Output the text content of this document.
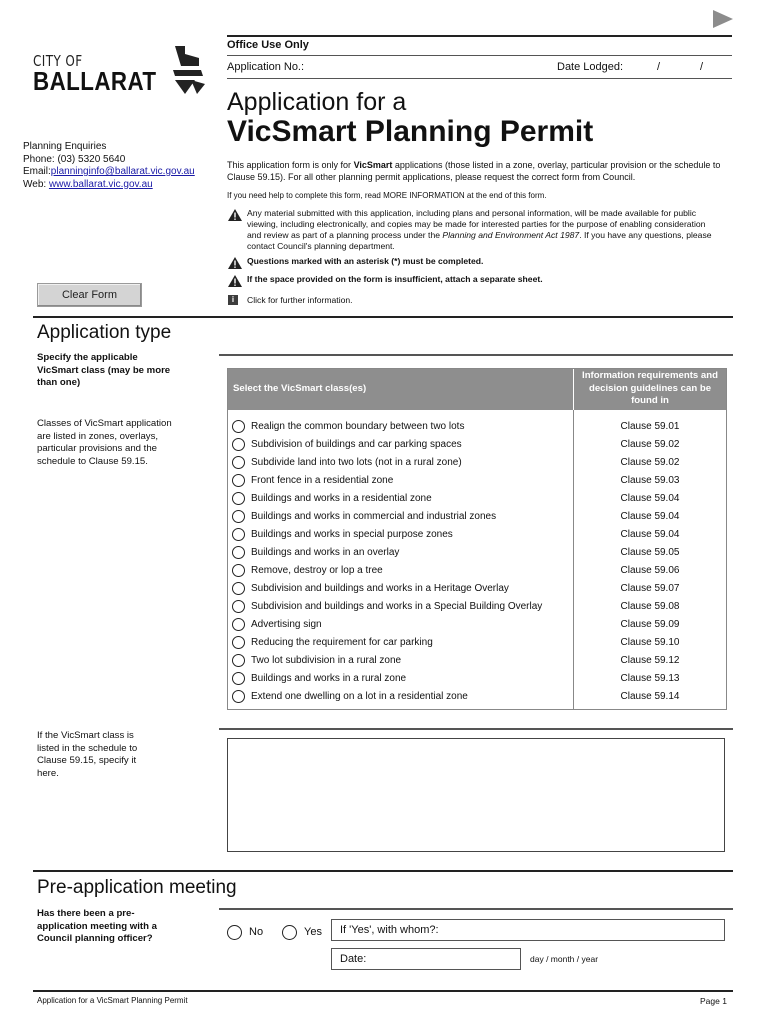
CITY OF
BALLARAT
Office Use Only
Application No.:	Date Lodged:	/	/
Application for a
VicSmart Planning Permit
This application form is only for VicSmart applications (those listed in a zone, overlay, particular provision or the schedule to Clause 59.15). For all other planning permit applications, please request the correct form from Council.
If you need help to complete this form, read MORE INFORMATION at the end of this form.
Any material submitted with this application, including plans and personal information, will be made available for public viewing, including electronically, and copies may be made for interested parties for the purpose of enabling consideration and review as part of a planning process under the Planning and Environment Act 1987. If you have any questions, please contact Council's planning department.
Questions marked with an asterisk (*) must be completed.
If the space provided on the form is insufficient, attach a separate sheet.
i	Click for further information.
Planning Enquiries
Phone: (03) 5320 5640
Email:planninginfo@ballarat.vic.gov.au
Web: www.ballarat.vic.gov.au
Clear Form
Application type
Specify the applicable VicSmart class (may be more than one)
Classes of VicSmart application are listed in zones, overlays, particular provisions and the schedule to Clause 59.15.
Select the VicSmart class(es)
Information requirements and decision guidelines can be found in
Realign the common boundary between two lots	Clause 59.01
Subdivision of buildings and car parking spaces	Clause 59.02
Subdivide land into two lots (not in a rural zone)	Clause 59.02
Front fence in a residential zone	Clause 59.03
Buildings and works in a residential zone	Clause 59.04
Buildings and works in commercial and industrial zones	Clause 59.04
Buildings and works in special purpose zones	Clause 59.04
Buildings and works in an overlay	Clause 59.05
Remove, destroy or lop a tree	Clause 59.06
Subdivision and buildings and works in a Heritage Overlay	Clause 59.07
Subdivision and buildings and works in a Special Building Overlay	Clause 59.08
Advertising sign	Clause 59.09
Reducing the requirement for car parking	Clause 59.10
Two lot subdivision in a rural zone	Clause 59.12
Buildings and works in a rural zone	Clause 59.13
Extend one dwelling on a lot in a residential zone	Clause 59.14
If the VicSmart class is listed in the schedule to Clause 59.15, specify it here.
Pre-application meeting
Has there been a pre-application meeting with a Council planning officer?
No	Yes	If 'Yes', with whom?:
Date:	day / month / year
Application for a VicSmart Planning Permit	Page 1
